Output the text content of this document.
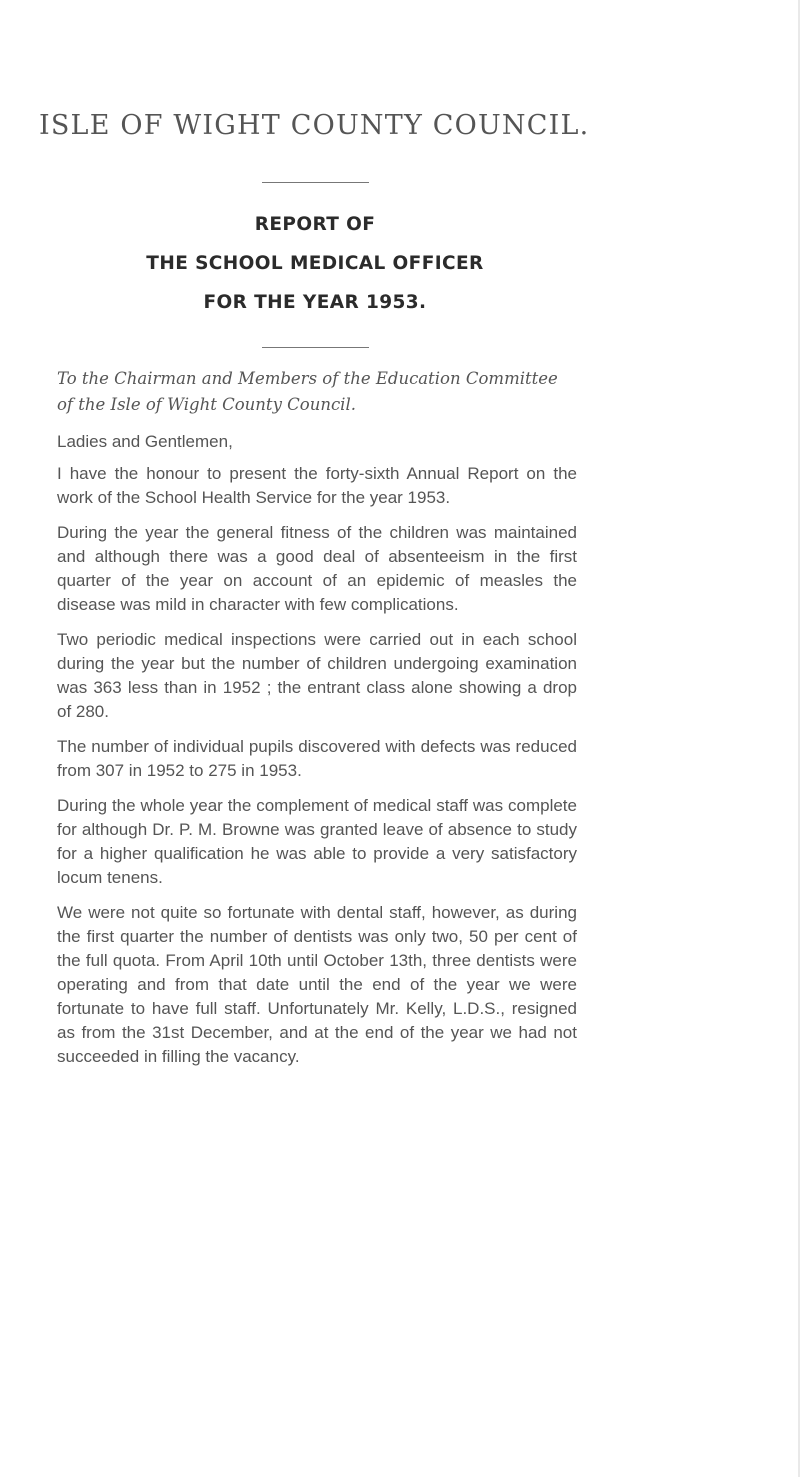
ISLE OF WIGHT COUNTY COUNCIL.
REPORT OF
THE SCHOOL MEDICAL OFFICER
FOR THE YEAR 1953.
To the Chairman and Members of the Education Committee of the Isle of Wight County Council.

Ladies and Gentlemen,

I have the honour to present the forty-sixth Annual Report on the work of the School Health Service for the year 1953.

During the year the general fitness of the children was maintained and although there was a good deal of absenteeism in the first quarter of the year on account of an epidemic of measles the disease was mild in character with few complications.

Two periodic medical inspections were carried out in each school during the year but the number of children undergoing examination was 363 less than in 1952 ; the entrant class alone showing a drop of 280.

The number of individual pupils discovered with defects was reduced from 307 in 1952 to 275 in 1953.

During the whole year the complement of medical staff was complete for although Dr. P. M. Browne was granted leave of absence to study for a higher qualification he was able to provide a very satisfactory locum tenens.

We were not quite so fortunate with dental staff, however, as during the first quarter the number of dentists was only two, 50 per cent of the full quota. From April 10th until October 13th, three dentists were operating and from that date until the end of the year we were fortunate to have full staff. Unfortunately Mr. Kelly, L.D.S., resigned as from the 31st December, and at the end of the year we had not succeeded in filling the vacancy.
